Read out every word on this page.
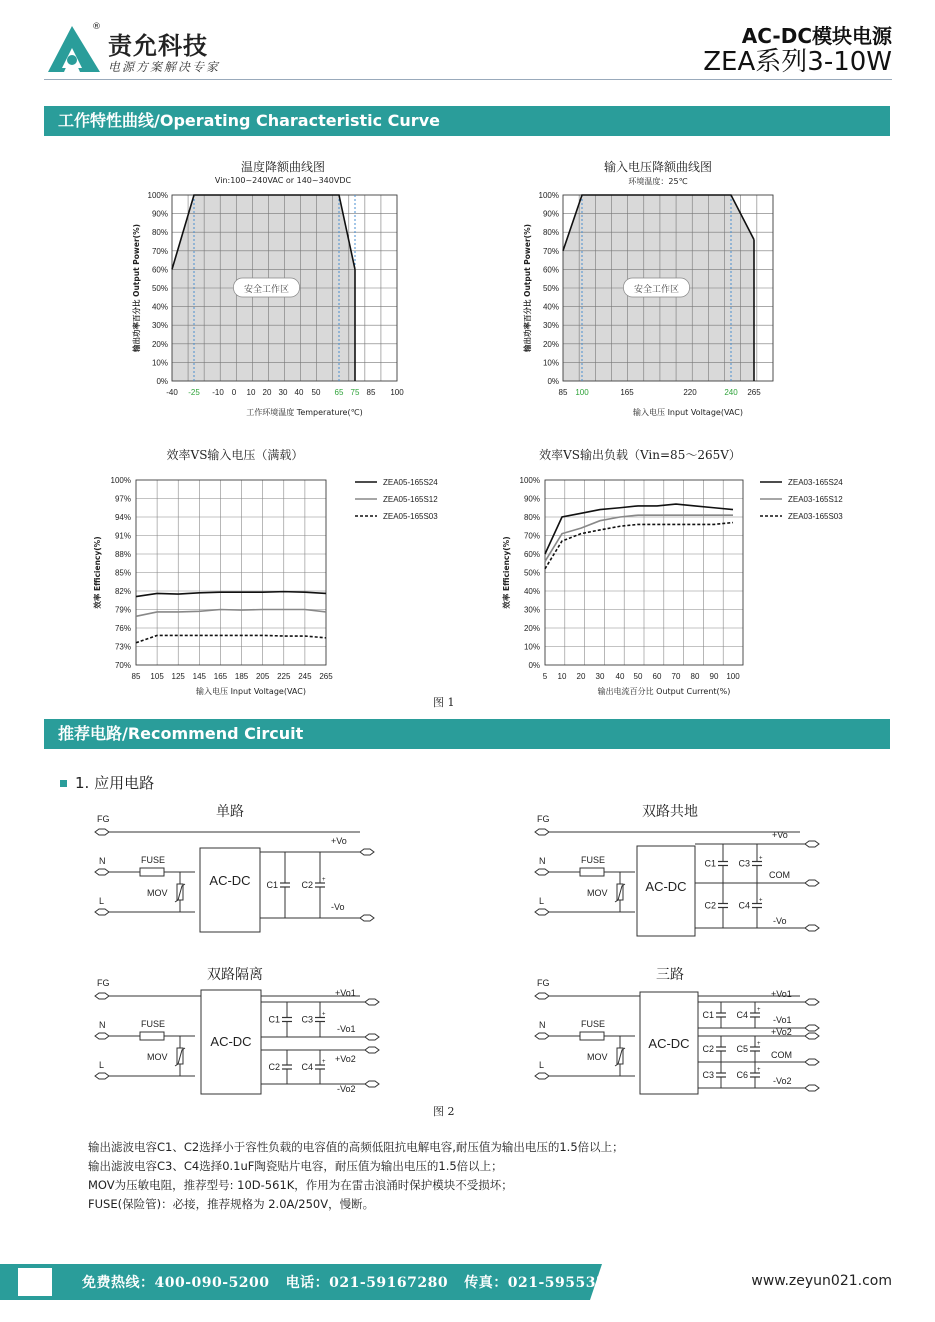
责允科技
®
电源方案解决专家
AC-DC模块电源
ZEA系列3-10W
工作特性曲线/Operating Characteristic Curve
温度降额曲线图
Vin:100~240VAC or 140~340VDC
输入电压降额曲线图
环境温度：25℃
效率VS输入电压（满载）	效率VS输出负载（Vin=85～265V）
0%
10%
20%
30%
40%
50%
60%
70%
80%
90%
100%
-40 -25 -10 0 10 20 30 40 50 65 75 85 100
安全工作区
输出功率百分比 Output Power(%)
工作环境温度 Temperature(℃)
0%
10%
20%
30%
40%
50%
60%
70%
80%
90%
100%
85 100	165	220	240 265
安全工作区
输出功率百分比 Output Power(%)
输入电压 Input Voltage(VAC)
70%
73%
76%
79%
82%
85%
88%
91%
94%
97%
100%
85 105 125 145 165 185 205 225 245 265
ZEA05-165S24
ZEA05-165S12
ZEA05-165S03
效率 Efficiency(%)
输入电压 Input Voltage(VAC)
0%
10%
20%
30%
40%
50%
60%
70%
80%
90%
100%
5 10 20 30 40 50 60 70 80 90 100
ZEA03-165S24
ZEA03-165S12
ZEA03-165S03
效率 Efficiency(%)
输出电流百分比 Output Current(%)
图 1
推荐电路/Recommend Circuit
1. 应用电路
单路	双路共地
双路隔离	三路
FG
N	FUSE
L
MOV
AC-DC
+Vo
-Vo
C1	+
C2
FG
N	FUSE
L
MOV	AC-DC
+Vo
COM
-Vo
C1	+
C3
C2	+
C4
FG
N	FUSE
L
MOV
AC-DC
+Vo1
-Vo1
+Vo2
-Vo2
C1	+
C3
C2	+
C4
FG
N	FUSE
L
MOV
AC-DC
+Vo1
-Vo1
+Vo2
COM
-Vo2
C1	+
C4
C2	+
C5
C3	+
C6
图 2
输出滤波电容C1、C2选择小于容性负载的电容值的高频低阻抗电解电容,耐压值为输出电压的1.5倍以上；
输出滤波电容C3、C4选择0.1uF陶瓷贴片电容，耐压值为输出电压的1.5倍以上；
MOV为压敏电阻，推荐型号: 10D-561K，作用为在雷击浪涌时保护模块不受损坏；
FUSE(保险管)：必接，推荐规格为 2.0A/250V，慢断。
免费热线：400-090-5200   电话：021-59167280   传真：021-59553702	www.zeyun021.com
